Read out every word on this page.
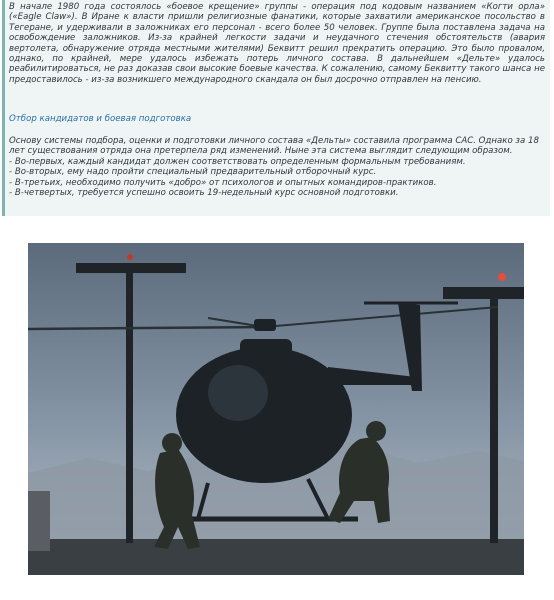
В начале 1980 года состоялось «боевое крещение» группы - операция под кодовым названием «Когти орла» («Eagle Claw»). В Иране к власти пришли религиозные фанатики, которые захватили американское посольство в Тегеране, и удерживали в заложниках его персонал - всего более 50 человек. Группе была поставлена задача на освобождение заложников. Из-за крайней легкости задачи и неудачного стечения обстоятельств (авария вертолета, обнаружение отряда местными жителями) Беквитт решил прекратить операцию. Это было провалом, однако, по крайней, мере удалось избежать потерь личного состава. В дальнейшем «Дельте» удалось реабилитироваться, не раз доказав свои высокие боевые качества. К сожалению, самому Беквитту такого шанса не предоставилось - из-за возникшего международного скандала он был досрочно отправлен на пенсию.

Отбор кандидатов и боевая подготовка

Основу системы подбора, оценки и подготовки личного состава «Дельты» составила программа CAC. Однако за 18 лет существования отряда она претерпела ряд изменений. Ныне эта система выглядит следующим образом.

- Во-первых, каждый кандидат должен соответствовать определенным формальным требованиям.

- Во-вторых, ему надо пройти специальный предварительный отборочный курс.

- В-третьих, необходимо получить «добро» от психологов и опытных командиров-практиков.

- В-четвертых, требуется успешно освоить 19-недельный курс основной подготовки.
